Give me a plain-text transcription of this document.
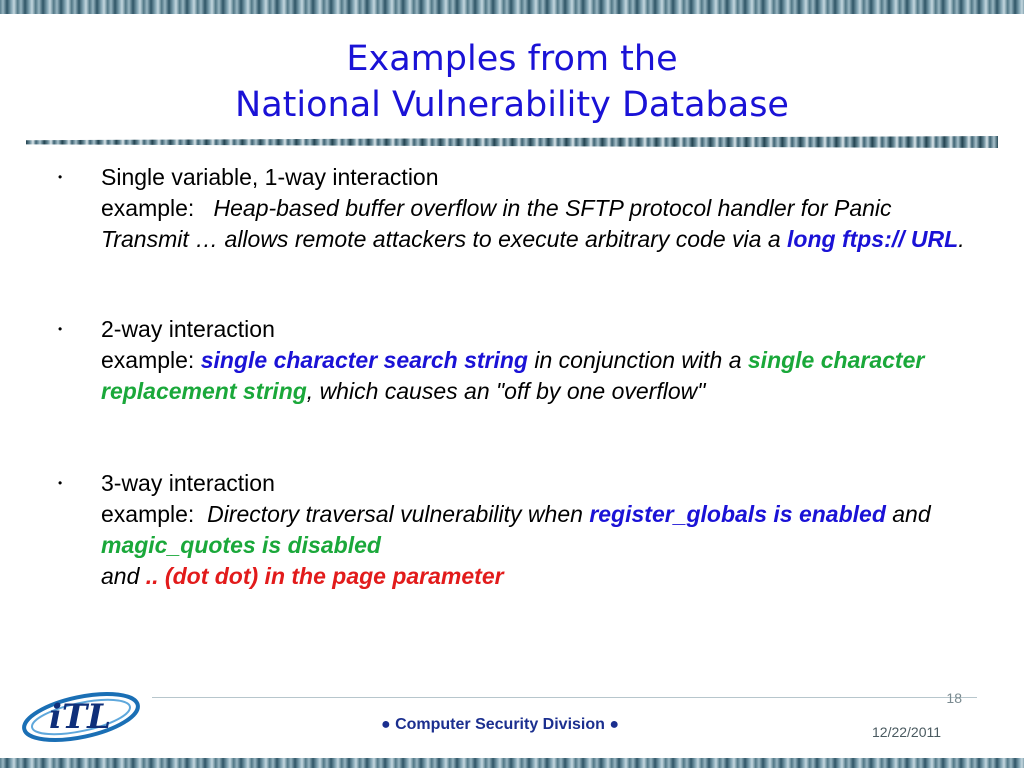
Examples from the
National Vulnerability Database
• Single variable, 1-way interaction
example: Heap-based buffer overflow in the SFTP protocol handler for Panic Transmit … allows remote attackers to execute arbitrary code via a long ftps:// URL.
• 2-way interaction
example: single character search string in conjunction with a single character replacement string, which causes an "off by one overflow"
• 3-way interaction
example: Directory traversal vulnerability when register_globals is enabled and magic_quotes is disabled
and .. (dot dot) in the page parameter
iTL	18
● Computer Security Division ●	12/22/2011
